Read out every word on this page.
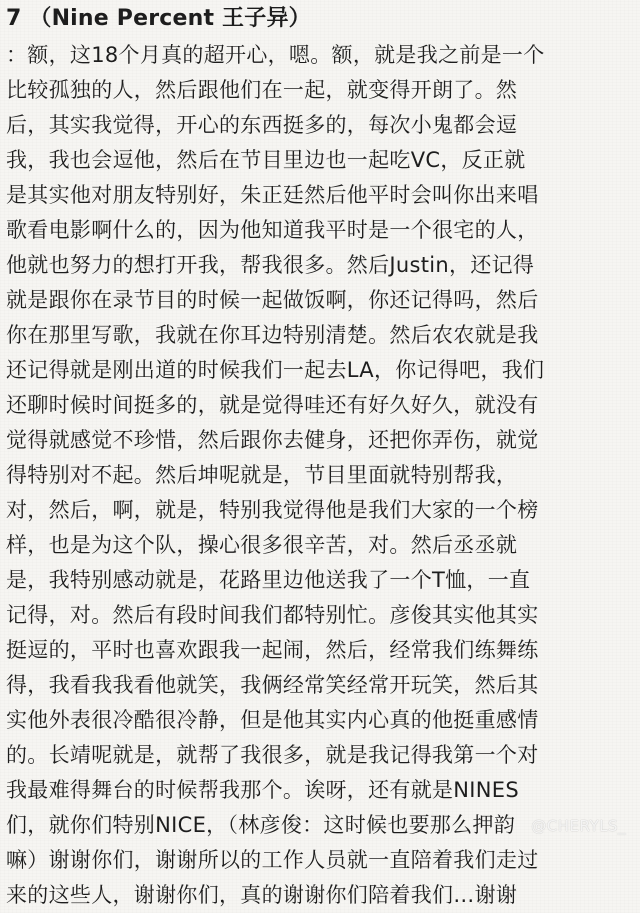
7 （Nine Percent 王子异）
：额，这18个月真的超开心，嗯。额，就是我之前是一个
比较孤独的人，然后跟他们在一起，就变得开朗了。然
后，其实我觉得，开心的东西挺多的，每次小鬼都会逗
我，我也会逗他，然后在节目里边也一起吃VC，反正就
是其实他对朋友特别好，朱正廷然后他平时会叫你出来唱
歌看电影啊什么的，因为他知道我平时是一个很宅的人，
他就也努力的想打开我，帮我很多。然后Justin，还记得
就是跟你在录节目的时候一起做饭啊，你还记得吗，然后
你在那里写歌，我就在你耳边特别清楚。然后农农就是我
还记得就是刚出道的时候我们一起去LA，你记得吧，我们
还聊时候时间挺多的，就是觉得哇还有好久好久，就没有
觉得就感觉不珍惜，然后跟你去健身，还把你弄伤，就觉
得特别对不起。然后坤呢就是，节目里面就特别帮我，
对，然后，啊，就是，特别我觉得他是我们大家的一个榜
样，也是为这个队，操心很多很辛苦，对。然后丞丞就
是，我特别感动就是，花路里边他送我了一个T恤，一直
记得，对。然后有段时间我们都特别忙。彦俊其实他其实
挺逗的，平时也喜欢跟我一起闹，然后，经常我们练舞练
得，我看我我看他就笑，我俩经常笑经常开玩笑，然后其
实他外表很冷酷很冷静，但是他其实内心真的他挺重感情
的。长靖呢就是，就帮了我很多，就是我记得我第一个对
我最难得舞台的时候帮我那个。诶呀，还有就是NINES
们，就你们特别NICE，（林彦俊：这时候也要那么押韵
嘛）谢谢你们，谢谢所以的工作人员就一直陪着我们走过
来的这些人，谢谢你们，真的谢谢你们陪着我们…谢谢
@CHERYLS_
